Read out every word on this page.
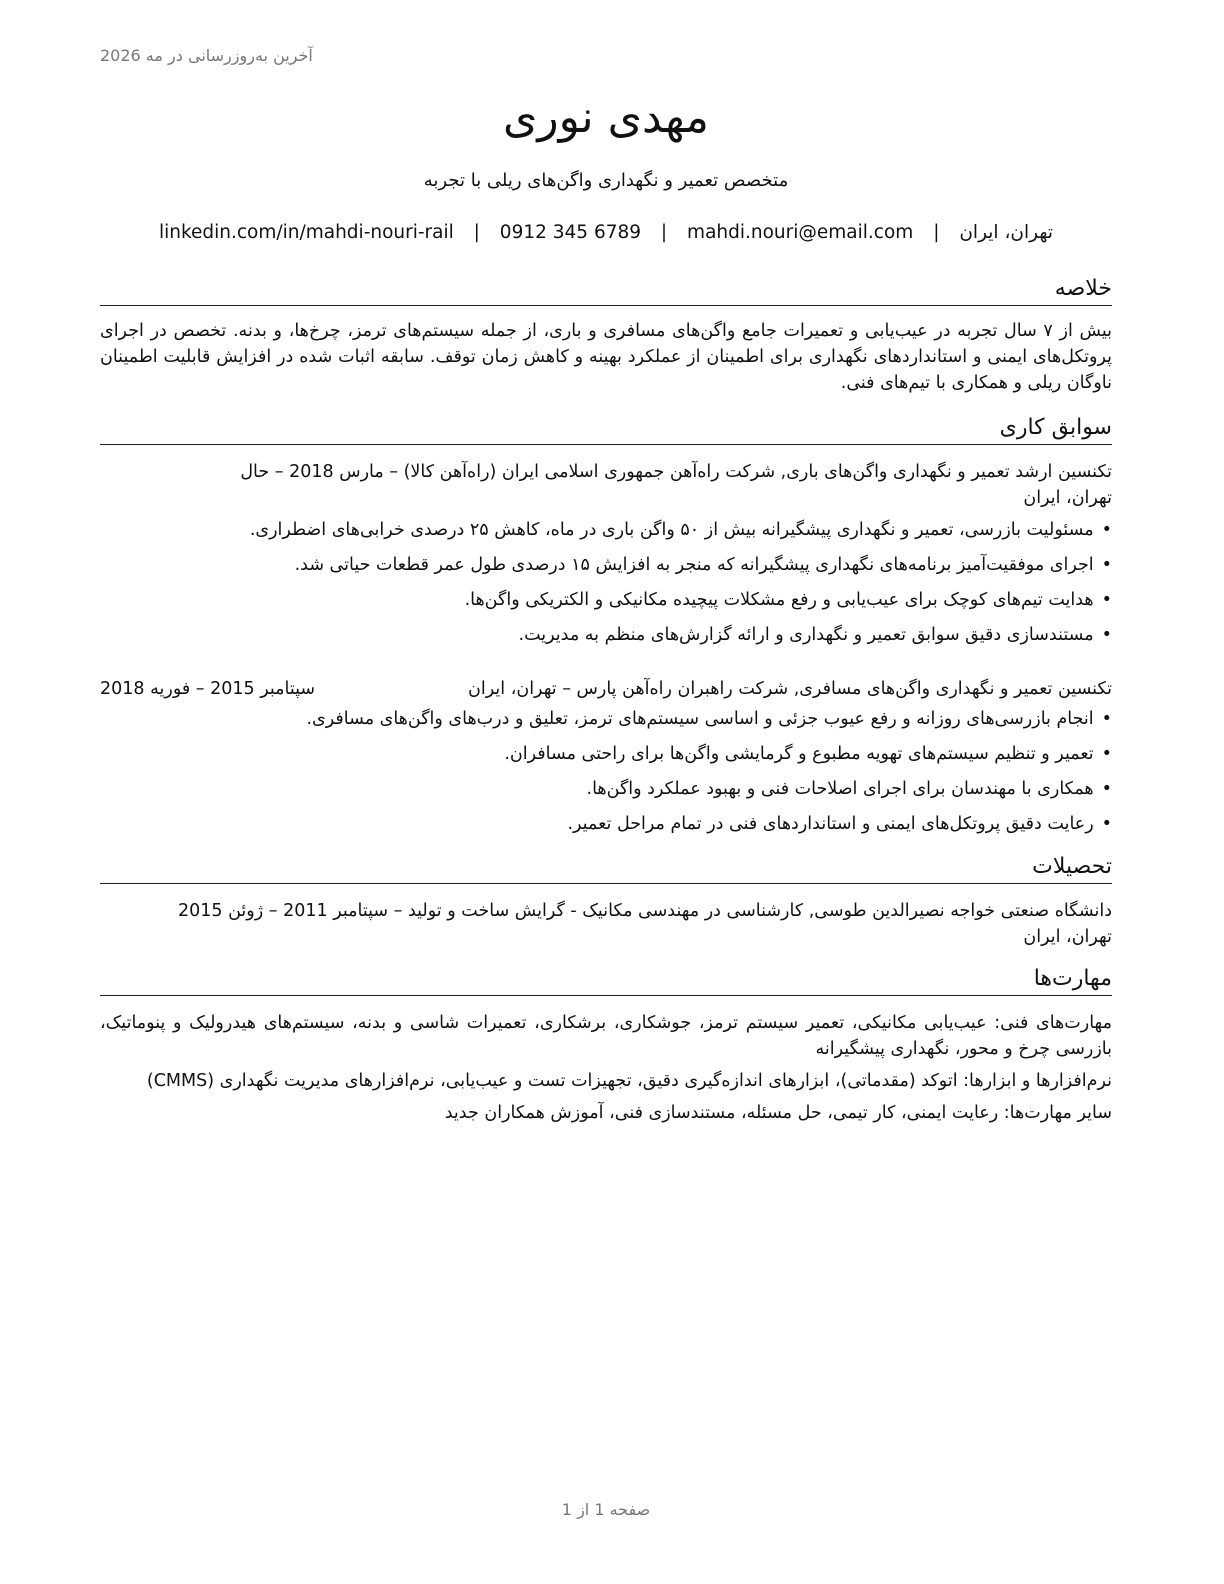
آخرین به‌روزرسانی در مه 2026
مهدی نوری
متخصص تعمیر و نگهداری واگن‌های ریلی با تجربه
تهران، ایران | mahdi.nouri@email.com | 0912 345 6789 | linkedin.com/in/mahdi-nouri-rail
خلاصه
بیش از ۷ سال تجربه در عیب‌یابی و تعمیرات جامع واگن‌های مسافری و باری، از جمله سیستم‌های ترمز، چرخ‌ها، و بدنه. تخصص در اجرای پروتکل‌های ایمنی و استانداردهای نگهداری برای اطمینان از عملکرد بهینه و کاهش زمان توقف. سابقه اثبات شده در افزایش قابلیت اطمینان ناوگان ریلی و همکاری با تیم‌های فنی.
سوابق کاری
تکنسین ارشد تعمیر و نگهداری واگن‌های باری, شرکت راه‌آهن جمهوری اسلامی ایران (راه‌آهن کالا) – مارس 2018 – حال
تهران، ایران
• مسئولیت بازرسی، تعمیر و نگهداری پیشگیرانه بیش از ۵۰ واگن باری در ماه، کاهش ۲۵ درصدی خرابی‌های اضطراری.
• اجرای موفقیت‌آمیز برنامه‌های نگهداری پیشگیرانه که منجر به افزایش ۱۵ درصدی طول عمر قطعات حیاتی شد.
• هدایت تیم‌های کوچک برای عیب‌یابی و رفع مشکلات پیچیده مکانیکی و الکتریکی واگن‌ها.
• مستندسازی دقیق سوابق تعمیر و نگهداری و ارائه گزارش‌های منظم به مدیریت.
تکنسین تعمیر و نگهداری واگن‌های مسافری, شرکت راهبران راه‌آهن پارس – تهران، ایران
سپتامبر 2015 – فوریه 2018
• انجام بازرسی‌های روزانه و رفع عیوب جزئی و اساسی سیستم‌های ترمز، تعلیق و درب‌های واگن‌های مسافری.
• تعمیر و تنظیم سیستم‌های تهویه مطبوع و گرمایشی واگن‌ها برای راحتی مسافران.
• همکاری با مهندسان برای اجرای اصلاحات فنی و بهبود عملکرد واگن‌ها.
• رعایت دقیق پروتکل‌های ایمنی و استانداردهای فنی در تمام مراحل تعمیر.
تحصیلات
دانشگاه صنعتی خواجه نصیرالدین طوسی, کارشناسی در مهندسی مکانیک - گرایش ساخت و تولید – سپتامبر 2011 – ژوئن 2015
تهران، ایران
مهارت‌ها
مهارت‌های فنی: عیب‌یابی مکانیکی، تعمیر سیستم ترمز، جوشکاری، برشکاری، تعمیرات شاسی و بدنه، سیستم‌های هیدرولیک و پنوماتیک، بازرسی چرخ و محور، نگهداری پیشگیرانه
نرم‌افزارها و ابزارها: اتوکد (مقدماتی)، ابزارهای اندازه‌گیری دقیق، تجهیزات تست و عیب‌یابی، نرم‌افزارهای مدیریت نگهداری (CMMS)
سایر مهارت‌ها: رعایت ایمنی، کار تیمی، حل مسئله، مستندسازی فنی، آموزش همکاران جدید
صفحه 1 از 1
